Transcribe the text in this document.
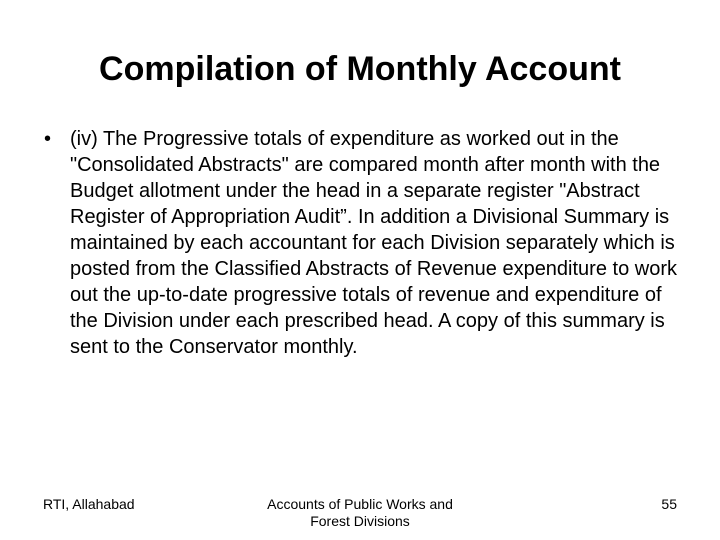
Compilation of Monthly Account
• (iv) The Progressive totals of expenditure as worked out in the "Consolidated Abstracts" are compared month after month with the Budget allotment under the head in a separate register "Abstract Register of Appropriation Audit”. In addition a Divisional Summary is maintained by each accountant for each Division separately which is posted from the Classified Abstracts of Revenue expenditure to work out the up-to-date progressive totals of revenue and expenditure of the Division under each prescribed head. A copy of this summary is sent to the Conservator monthly.
RTI, Allahabad	Accounts of Public Works and
Forest Divisions
55
